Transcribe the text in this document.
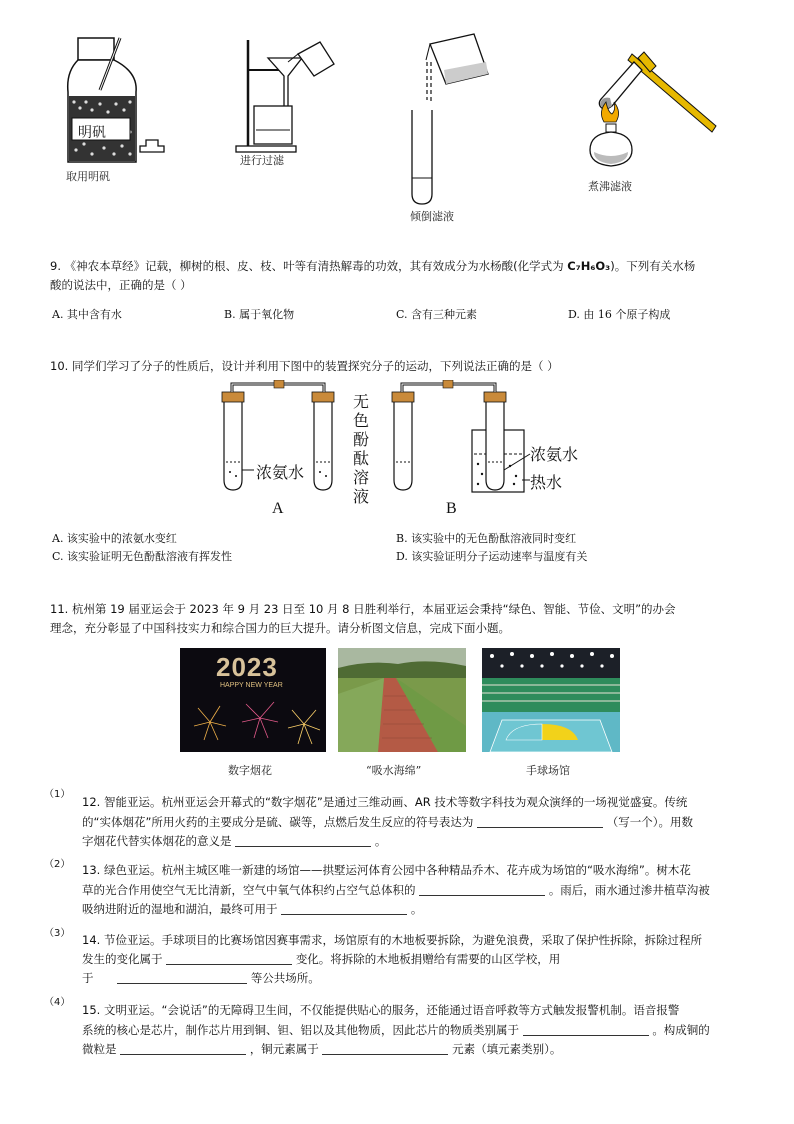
明矾
取用明矾
进行过滤
倾倒滤液
煮沸滤液
9. 《神农本草经》记载，柳树的根、皮、枝、叶等有清热解毒的功效，其有效成分为水杨酸(化学式为 C₇H₆O₃)。下列有关水杨
酸的说法中，正确的是（ ）
A. 其中含有水	B. 属于氧化物	C. 含有三种元素	D. 由 16 个原子构成
10. 同学们学习了分子的性质后，设计并利用下图中的装置探究分子的运动，下列说法正确的是（ ）
浓氨水
无
色
酚
酞
溶
液
浓氨水
热水
A	B
A. 该实验中的浓氨水变红	B. 该实验中的无色酚酞溶液同时变红
C. 该实验证明无色酚酞溶液有挥发性	D. 该实验证明分子运动速率与温度有关
11. 杭州第 19 届亚运会于 2023 年 9 月 23 日至 10 月 8 日胜利举行，本届亚运会秉持“绿色、智能、节俭、文明”的办会
理念，充分彰显了中国科技实力和综合国力的巨大提升。请分析图文信息，完成下面小题。
2023
HAPPY NEW YEAR
数字烟花	“吸水海绵”	手球场馆
（1）
12. 智能亚运。杭州亚运会开幕式的“数字烟花”是通过三维动画、AR 技术等数字科技为观众演绎的一场视觉盛宴。传统
的“实体烟花”所用火药的主要成分是硫、碳等，点燃后发生反应的符号表达为	（写一个）。用数
字烟花代替实体烟花的意义是	。
（2） 13. 绿色亚运。杭州主城区唯一新建的场馆——拱墅运河体育公园中各种精品乔木、花卉成为场馆的“吸水海绵”。树木花
草的光合作用使空气无比清新，空气中氧气体积约占空气总体积的	。雨后，雨水通过渗井植草沟被
吸纳进附近的湿地和湖泊，最终可用于	。
（3） 14. 节俭亚运。手球项目的比赛场馆因赛事需求，场馆原有的木地板要拆除，为避免浪费，采取了保护性拆除，拆除过程所
发生的变化属于	变化。将拆除的木地板捐赠给有需要的山区学校，用
于	等公共场所。
（4）
15. 文明亚运。“会说话”的无障碍卫生间，不仅能提供贴心的服务，还能通过语音呼救等方式触发报警机制。语音报警
系统的核心是芯片，制作芯片用到铜、钽、铝以及其他物质，因此芯片的物质类别属于	。构成铜的
微粒是	，铜元素属于	元素（填元素类别）。
